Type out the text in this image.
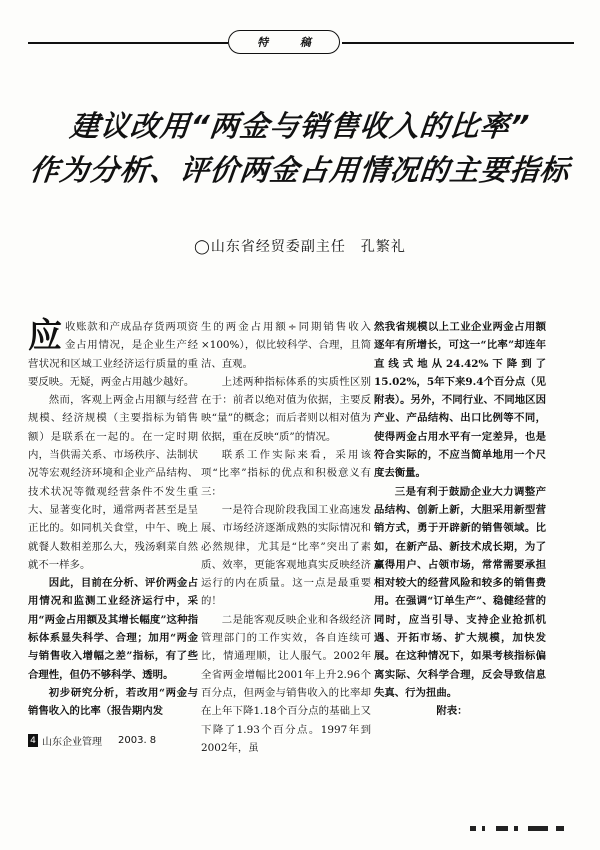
特 稿
建议改用“两金与销售收入的比率”
作为分析、评价两金占用情况的主要指标
◯山东省经贸委副主任　孔繁礼

应收账款和产成品存货两项资金占用情况，是企业生产经营状况和区域工业经济运行质量的重要反映。无疑，两金占用越少越好。

然而，客观上两金占用额与经营规模、经济规模（主要指标为销售额）是联系在一起的。在一定时期内，当供需关系、市场秩序、法制状况等宏观经济环境和企业产品结构、技术状况等微观经营条件不发生重大、显著变化时，通常两者甚至是呈正比的。如同机关食堂，中午、晚上就餐人数相差那么大，残汤剩菜自然就不一样多。

因此，目前在分析、评价两金占用情况和监测工业经济运行中，采用“两金占用额及其增长幅度”这种指标体系显失科学、合理；加用“两金与销售收入增幅之差”指标，有了些合理性，但仍不够科学、透明。

初步研究分析，若改用“两金与销售收入的比率（报告期内发

生的两金占用额÷同期销售收入×100%），似比较科学、合理，且简洁、直观。

上述两种指标体系的实质性区别在于：前者以绝对值为依据，主要反映“量”的概念；而后者则以相对值为依据，重在反映“质”的情况。

联系工作实际来看，采用该项“比率”指标的优点和积极意义有三：

一是符合现阶段我国工业高速发展、市场经济逐渐成熟的实际情况和必然规律，尤其是“比率”突出了素质、效率，更能客观地真实反映经济运行的内在质量。这一点是最重要的！

二是能客观反映企业和各级经济管理部门的工作实效，各自连续可比，情通理顺，让人服气。2002年全省两金增幅比2001年上升2.96个百分点，但两金与销售收入的比率却在上年下降1.18个百分点的基础上又下降了1.93个百分点。1997年到2002年，虽

然我省规模以上工业企业两金占用额逐年有所增长，可这一“比率”却连年直线式地从24.42%下降到了15.02%，5年下来9.4个百分点（见附表）。另外，不同行业、不同地区因产业、产品结构、出口比例等不同，使得两金占用水平有一定差异，也是符合实际的，不应当简单地用一个尺度去衡量。

三是有利于鼓励企业大力调整产品结构、创新上新，大胆采用新型营销方式，勇于开辟新的销售领域。比如，在新产品、新技术成长期，为了赢得用户、占领市场，常常需要承担相对较大的经营风险和较多的销售费用。在强调“订单生产”、稳健经营的同时，应当引导、支持企业抢抓机遇、开拓市场、扩大规模，加快发展。在这种情况下，如果考核指标偏离实际、欠科学合理，反会导致信息失真、行为扭曲。

附表：

4 山东企业管理 2003. 8
